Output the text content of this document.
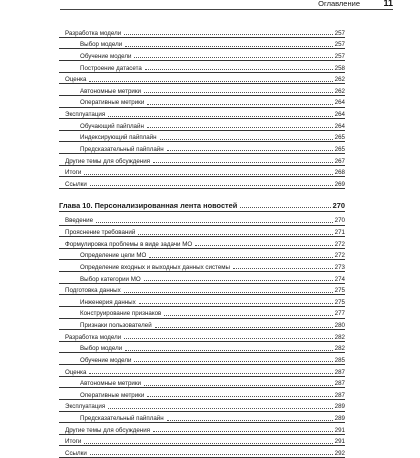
Оглавление	11
Разработка модели	257
Выбор модели	257
Обучение модели	257
Построение датасета	258
Оценка	262
Автономные метрики	262
Оперативные метрики	264
Эксплуатация	264
Обучающий пайплайн	264
Индексирующий пайплайн	265
Предсказательный пайплайн	265
Другие темы для обсуждения	267
Итоги	268
Ссылки	269
Глава 10. Персонализированная лента новостей	270
Введение	270
Прояснение требований	271
Формулировка проблемы в виде задачи МО	272
Определение цели МО	272
Определение входных и выходных данных системы	273
Выбор категории МО	274
Подготовка данных	275
Инженерия данных	275
Конструирование признаков	277
Признаки пользователей	280
Разработка модели	282
Выбор модели	282
Обучение модели	285
Оценка	287
Автономные метрики	287
Оперативные метрики	287
Эксплуатация	289
Предсказательный пайплайн	289
Другие темы для обсуждения	291
Итоги	291
Ссылки	292
